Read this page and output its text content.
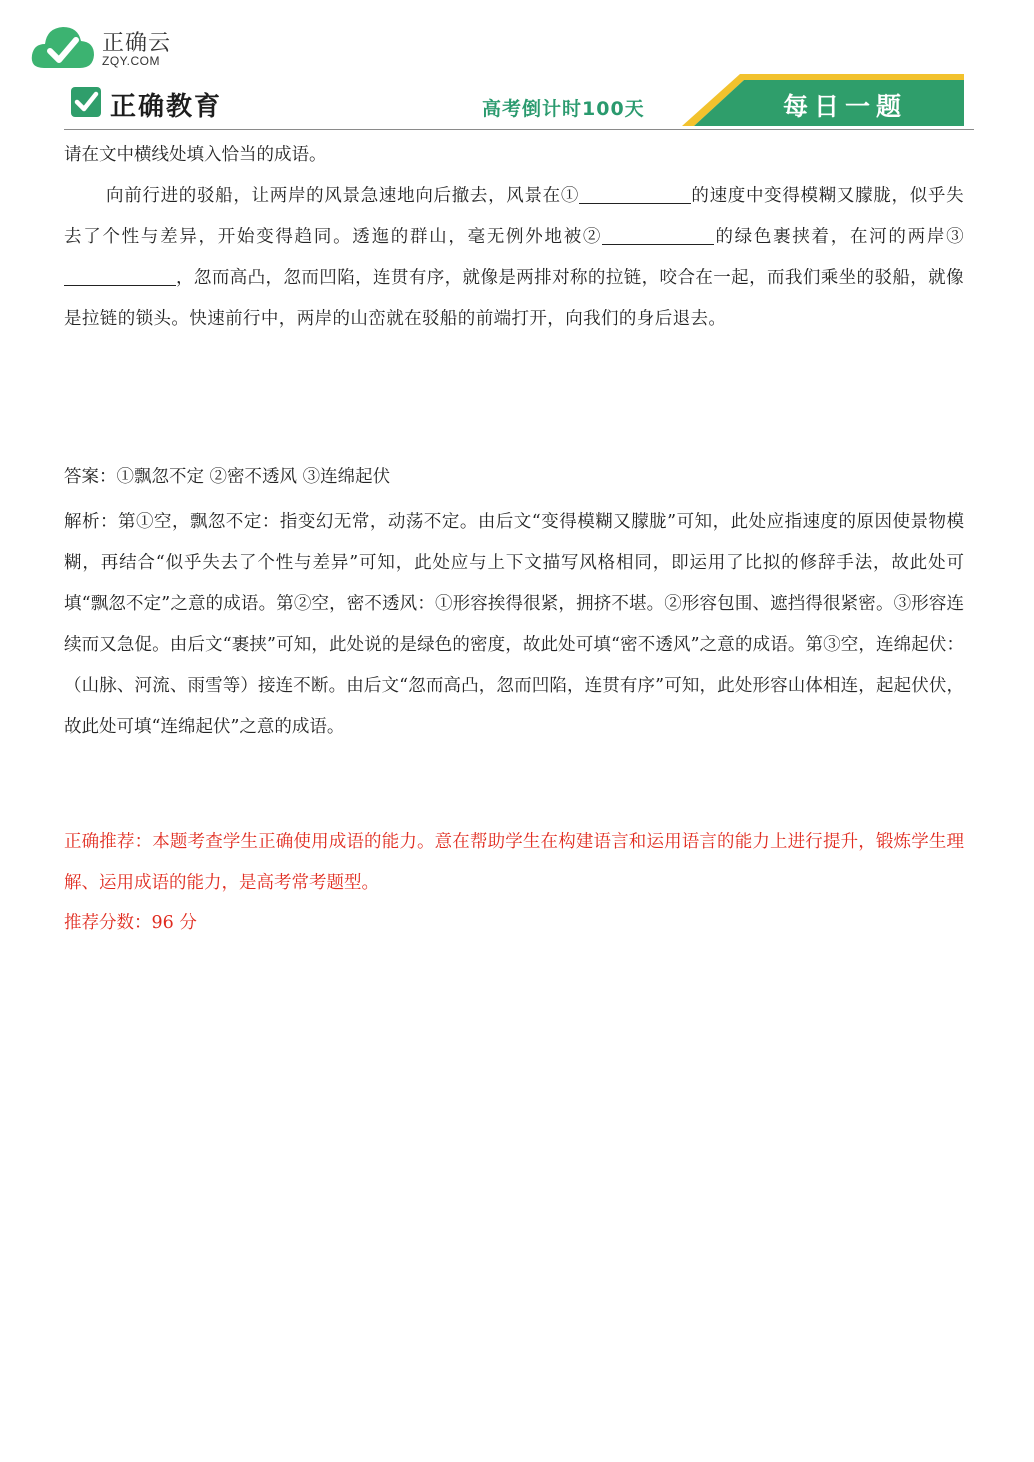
正确云
ZQY.COM
正确教育	高考倒计时100天	每日一题
请在文中横线处填入恰当的成语。
向前行进的驳船，让两岸的风景急速地向后撤去，风景在①	的速度中变得模糊又朦胧，似乎失去了个性与差异，开始变得趋同。透迤的群山，毫无例外地被②	的绿色裹挟着，在河的两岸③，忽而高凸，忽而凹陷，连贯有序，就像是两排对称的拉链，咬合在一起，而我们乘坐的驳船，就像是拉链的锁头。快速前行中，两岸的山峦就在驳船的前端打开，向我们的身后退去。
答案：①飘忽不定 ②密不透风 ③连绵起伏
解析：第①空，飘忽不定：指变幻无常，动荡不定。由后文“变得模糊又朦胧”可知，此处应指速度的原因使景物模糊，再结合“似乎失去了个性与差异”可知，此处应与上下文描写风格相同，即运用了比拟的修辞手法，故此处可填“飘忽不定”之意的成语。第②空，密不透风：①形容挨得很紧，拥挤不堪。②形容包围、遮挡得很紧密。③形容连续而又急促。由后文“裹挟”可知，此处说的是绿色的密度，故此处可填“密不透风”之意的成语。第③空，连绵起伏：（山脉、河流、雨雪等）接连不断。由后文“忽而高凸，忽而凹陷，连贯有序”可知，此处形容山体相连，起起伏伏，故此处可填“连绵起伏”之意的成语。
正确推荐：本题考查学生正确使用成语的能力。意在帮助学生在构建语言和运用语言的能力上进行提升，锻炼学生理解、运用成语的能力，是高考常考题型。
推荐分数：96 分
